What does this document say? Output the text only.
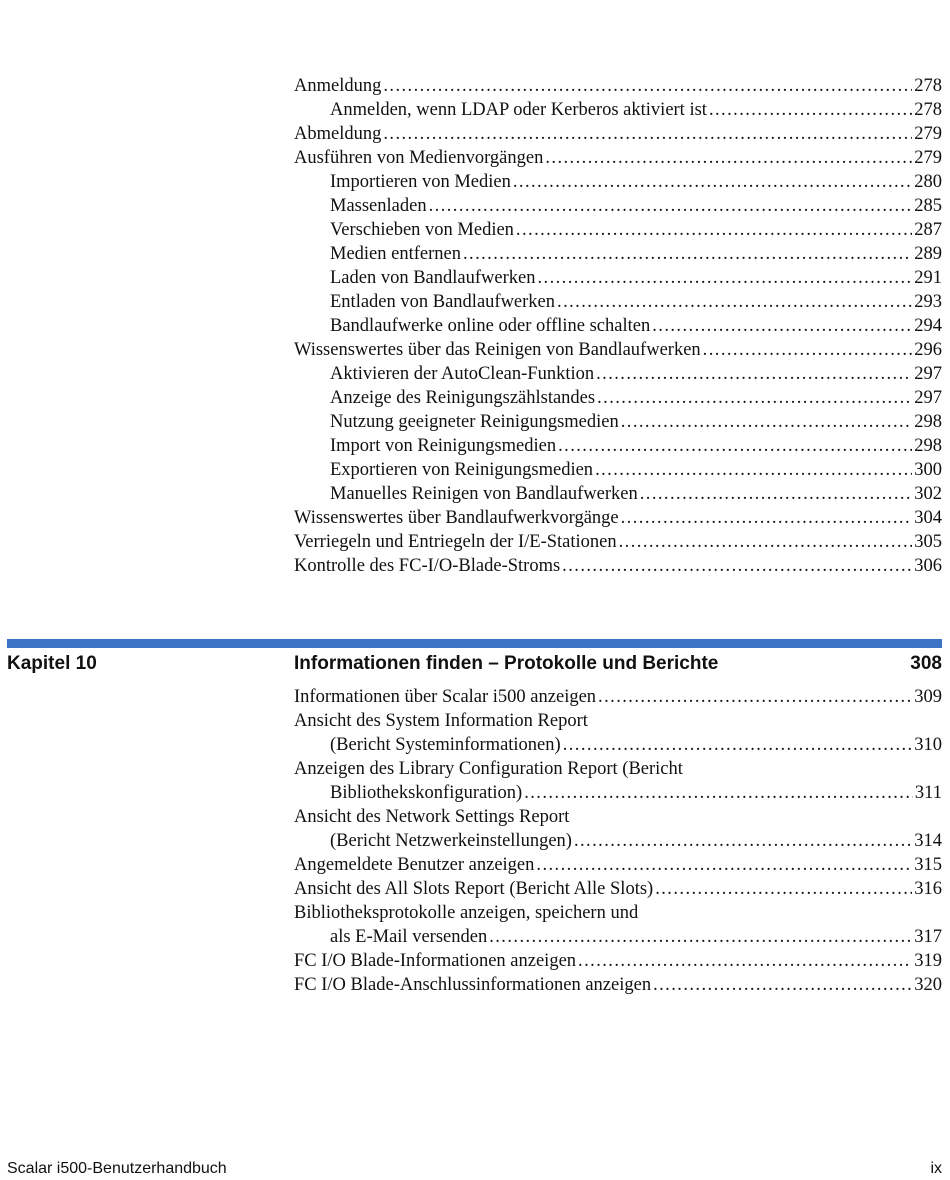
Anmeldung . . .	278
Anmelden, wenn LDAP oder Kerberos aktiviert ist . . .	278
Abmeldung . . .	279
Ausführen von Medienvorgängen . . .	279
Importieren von Medien . . .	280
Massenladen . . .	285
Verschieben von Medien . . .	287
Medien entfernen . . .	289
Laden von Bandlaufwerken . . .	291
Entladen von Bandlaufwerken . . .	293
Bandlaufwerke online oder offline schalten . . .	294
Wissenswertes über das Reinigen von Bandlaufwerken . . .	296
Aktivieren der AutoClean-Funktion . . .	297
Anzeige des Reinigungszählstandes . . .	297
Nutzung geeigneter Reinigungsmedien . . .	298
Import von Reinigungsmedien . . .	298
Exportieren von Reinigungsmedien . . .	300
Manuelles Reinigen von Bandlaufwerken . . .	302
Wissenswertes über Bandlaufwerkvorgänge . . .	304
Verriegeln und Entriegeln der I/E-Stationen . . .	305
Kontrolle des FC-I/O-Blade-Stroms . . .	306
Kapitel 10	Informationen finden – Protokolle und Berichte	308
Informationen über Scalar i500 anzeigen . . .	309
Ansicht des System Information Report
(Bericht Systeminformationen) . . .	310
Anzeigen des Library Configuration Report (Bericht
Bibliothekskonfiguration) . . .	311
Ansicht des Network Settings Report
(Bericht Netzwerkeinstellungen) . . .	314
Angemeldete Benutzer anzeigen . . .	315
Ansicht des All Slots Report (Bericht Alle Slots) . . .	316
Bibliotheksprotokolle anzeigen, speichern und
als E-Mail versenden . . .	317
FC I/O Blade-Informationen anzeigen . . .	319
FC I/O Blade-Anschlussinformationen anzeigen . . .	320
Scalar i500-Benutzerhandbuch	ix
